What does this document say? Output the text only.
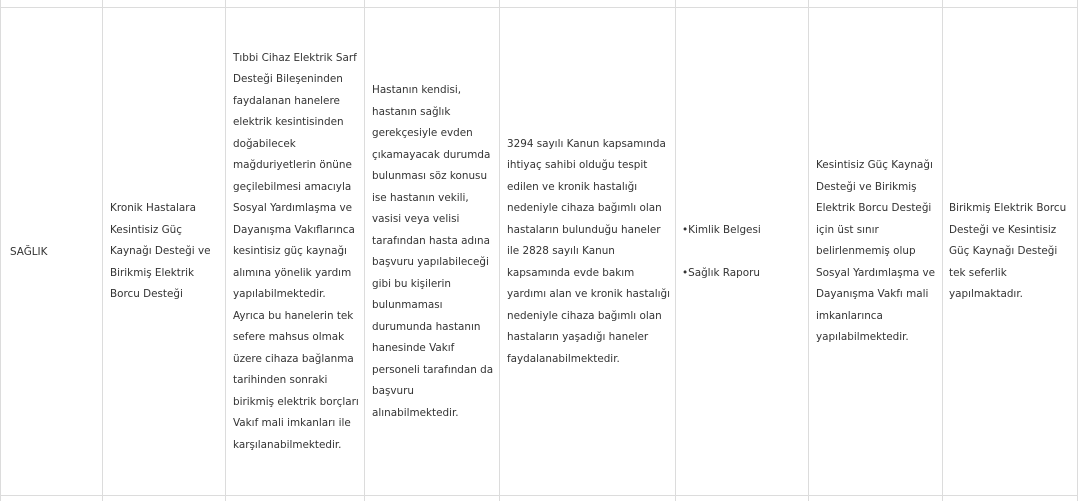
SAĞLIK
Kronik Hastalara Kesintisiz Güç Kaynağı Desteği ve Birikmiş Elektrik Borcu Desteği
Tıbbi Cihaz Elektrik Sarf Desteği Bileşeninden faydalanan hanelere elektrik kesintisinden doğabilecek mağduriyetlerin önüne geçilebilmesi amacıyla Sosyal Yardımlaşma ve Dayanışma Vakıflarınca kesintisiz güç kaynağı alımına yönelik yardım yapılabilmektedir. Ayrıca bu hanelerin tek sefere mahsus olmak üzere cihaza bağlanma tarihinden sonraki birikmiş elektrik borçları Vakıf mali imkanları ile karşılanabilmektedir.
Hastanın kendisi, hastanın sağlık gerekçesiyle evden çıkamayacak durumda bulunması söz konusu ise hastanın vekili, vasisi veya velisi tarafından hasta adına başvuru yapılabileceği gibi bu kişilerin bulunmaması durumunda hastanın hanesinde Vakıf personeli tarafından da başvuru alınabilmektedir.
3294 sayılı Kanun kapsamında ihtiyaç sahibi olduğu tespit edilen ve kronik hastalığı nedeniyle cihaza bağımlı olan hastaların bulunduğu haneler ile 2828 sayılı Kanun kapsamında evde bakım yardımı alan ve kronik hastalığı nedeniyle cihaza bağımlı olan hastaların yaşadığı haneler faydalanabilmektedir.
•Kimlik Belgesi
•Sağlık Raporu
Kesintisiz Güç Kaynağı Desteği ve Birikmiş Elektrik Borcu Desteği için üst sınır belirlenmemiş olup Sosyal Yardımlaşma ve Dayanışma Vakfı mali imkanlarınca yapılabilmektedir.
Birikmiş Elektrik Borcu Desteği ve Kesintisiz Güç Kaynağı Desteği tek seferlik yapılmaktadır.
